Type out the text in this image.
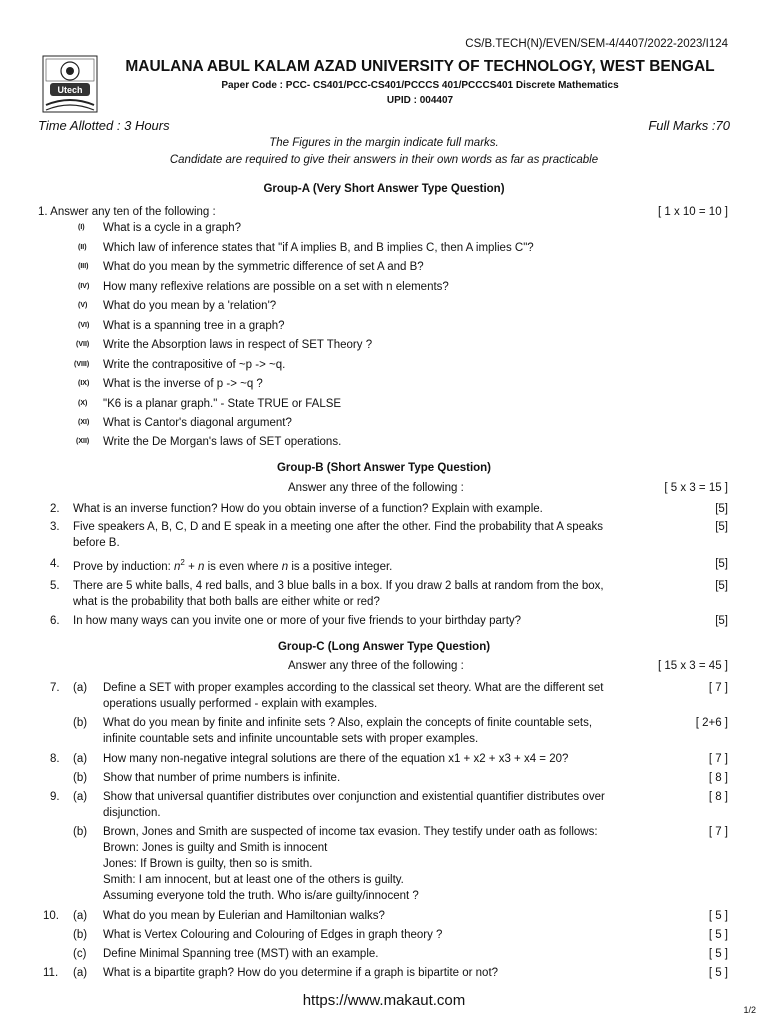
CS/B.TECH(N)/EVEN/SEM-4/4407/2022-2023/I124
Utech
MAULANA ABUL KALAM AZAD UNIVERSITY OF TECHNOLOGY, WEST BENGAL
Paper Code : PCC- CS401/PCC-CS401/PCCCS 401/PCCCS401 Discrete Mathematics
UPID : 004407
Time Allotted : 3 Hours	Full Marks :70
The Figures in the margin indicate full marks.
Candidate are required to give their answers in their own words as far as practicable
Group-A (Very Short Answer Type Question)
1. Answer any ten of the following :	[ 1 x 10 = 10 ]
(I) What is a cycle in a graph?
(II) Which law of inference states that "if A implies B, and B implies C, then A implies C"?
(III) What do you mean by the symmetric difference of set A and B?
(IV) How many reflexive relations are possible on a set with n elements?
(V) What do you mean by a 'relation'?
(VI) What is a spanning tree in a graph?
(VII) Write the Absorption laws in respect of SET Theory ?
(VIII) Write the contrapositive of ~p -> ~q.
(IX) What is the inverse of p -> ~q ?
(X) "K6 is a planar graph." - State TRUE or FALSE
(XI) What is Cantor's diagonal argument?
(XII) Write the De Morgan's laws of SET operations.
Group-B (Short Answer Type Question)
Answer any three of the following :	[ 5 x 3 = 15 ]
2. What is an inverse function? How do you obtain inverse of a function? Explain with example.	[5]
3. Five speakers A, B, C, D and E speak in a meeting one after the other. Find the probability that A speaks
before B.
[5]
4. Prove by induction: $n^2 + n$ is even where n is a positive integer.	[5]
5. There are 5 white balls, 4 red balls, and 3 blue balls in a box. If you draw 2 balls at random from the box,
what is the probability that both balls are either white or red?
[5]
6. In how many ways can you invite one or more of your five friends to your birthday party?	[5]
Group-C (Long Answer Type Question)
Answer any three of the following :	[ 15 x 3 = 45 ]
7. (a) Define a SET with proper examples according to the classical set theory. What are the different set
operations usually performed - explain with examples.
[ 7 ]
(b) What do you mean by finite and infinite sets ? Also, explain the concepts of finite countable sets,
infinite countable sets and infinite uncountable sets with proper examples.
[ 2+6 ]
8. (a) How many non-negative integral solutions are there of the equation x1 + x2 + x3 + x4 = 20?	[ 7 ]
(b) Show that number of prime numbers is infinite.	[ 8 ]
9. (a) Show that universal quantifier distributes over conjunction and existential quantifier distributes over
disjunction.
[ 8 ]
(b) Brown, Jones and Smith are suspected of income tax evasion. They testify under oath as follows:
Brown: Jones is guilty and Smith is innocent
Jones: If Brown is guilty, then so is smith.
Smith: I am innocent, but at least one of the others is guilty.
Assuming everyone told the truth. Who is/are guilty/innocent ?
[ 7 ]
10. (a) What do you mean by Eulerian and Hamiltonian walks?	[ 5 ]
(b) What is Vertex Colouring and Colouring of Edges in graph theory ?	[ 5 ]
(c) Define Minimal Spanning tree (MST) with an example.	[ 5 ]
11. (a) What is a bipartite graph? How do you determine if a graph is bipartite or not?	[ 5 ]
https://www.makaut.com
1/2
